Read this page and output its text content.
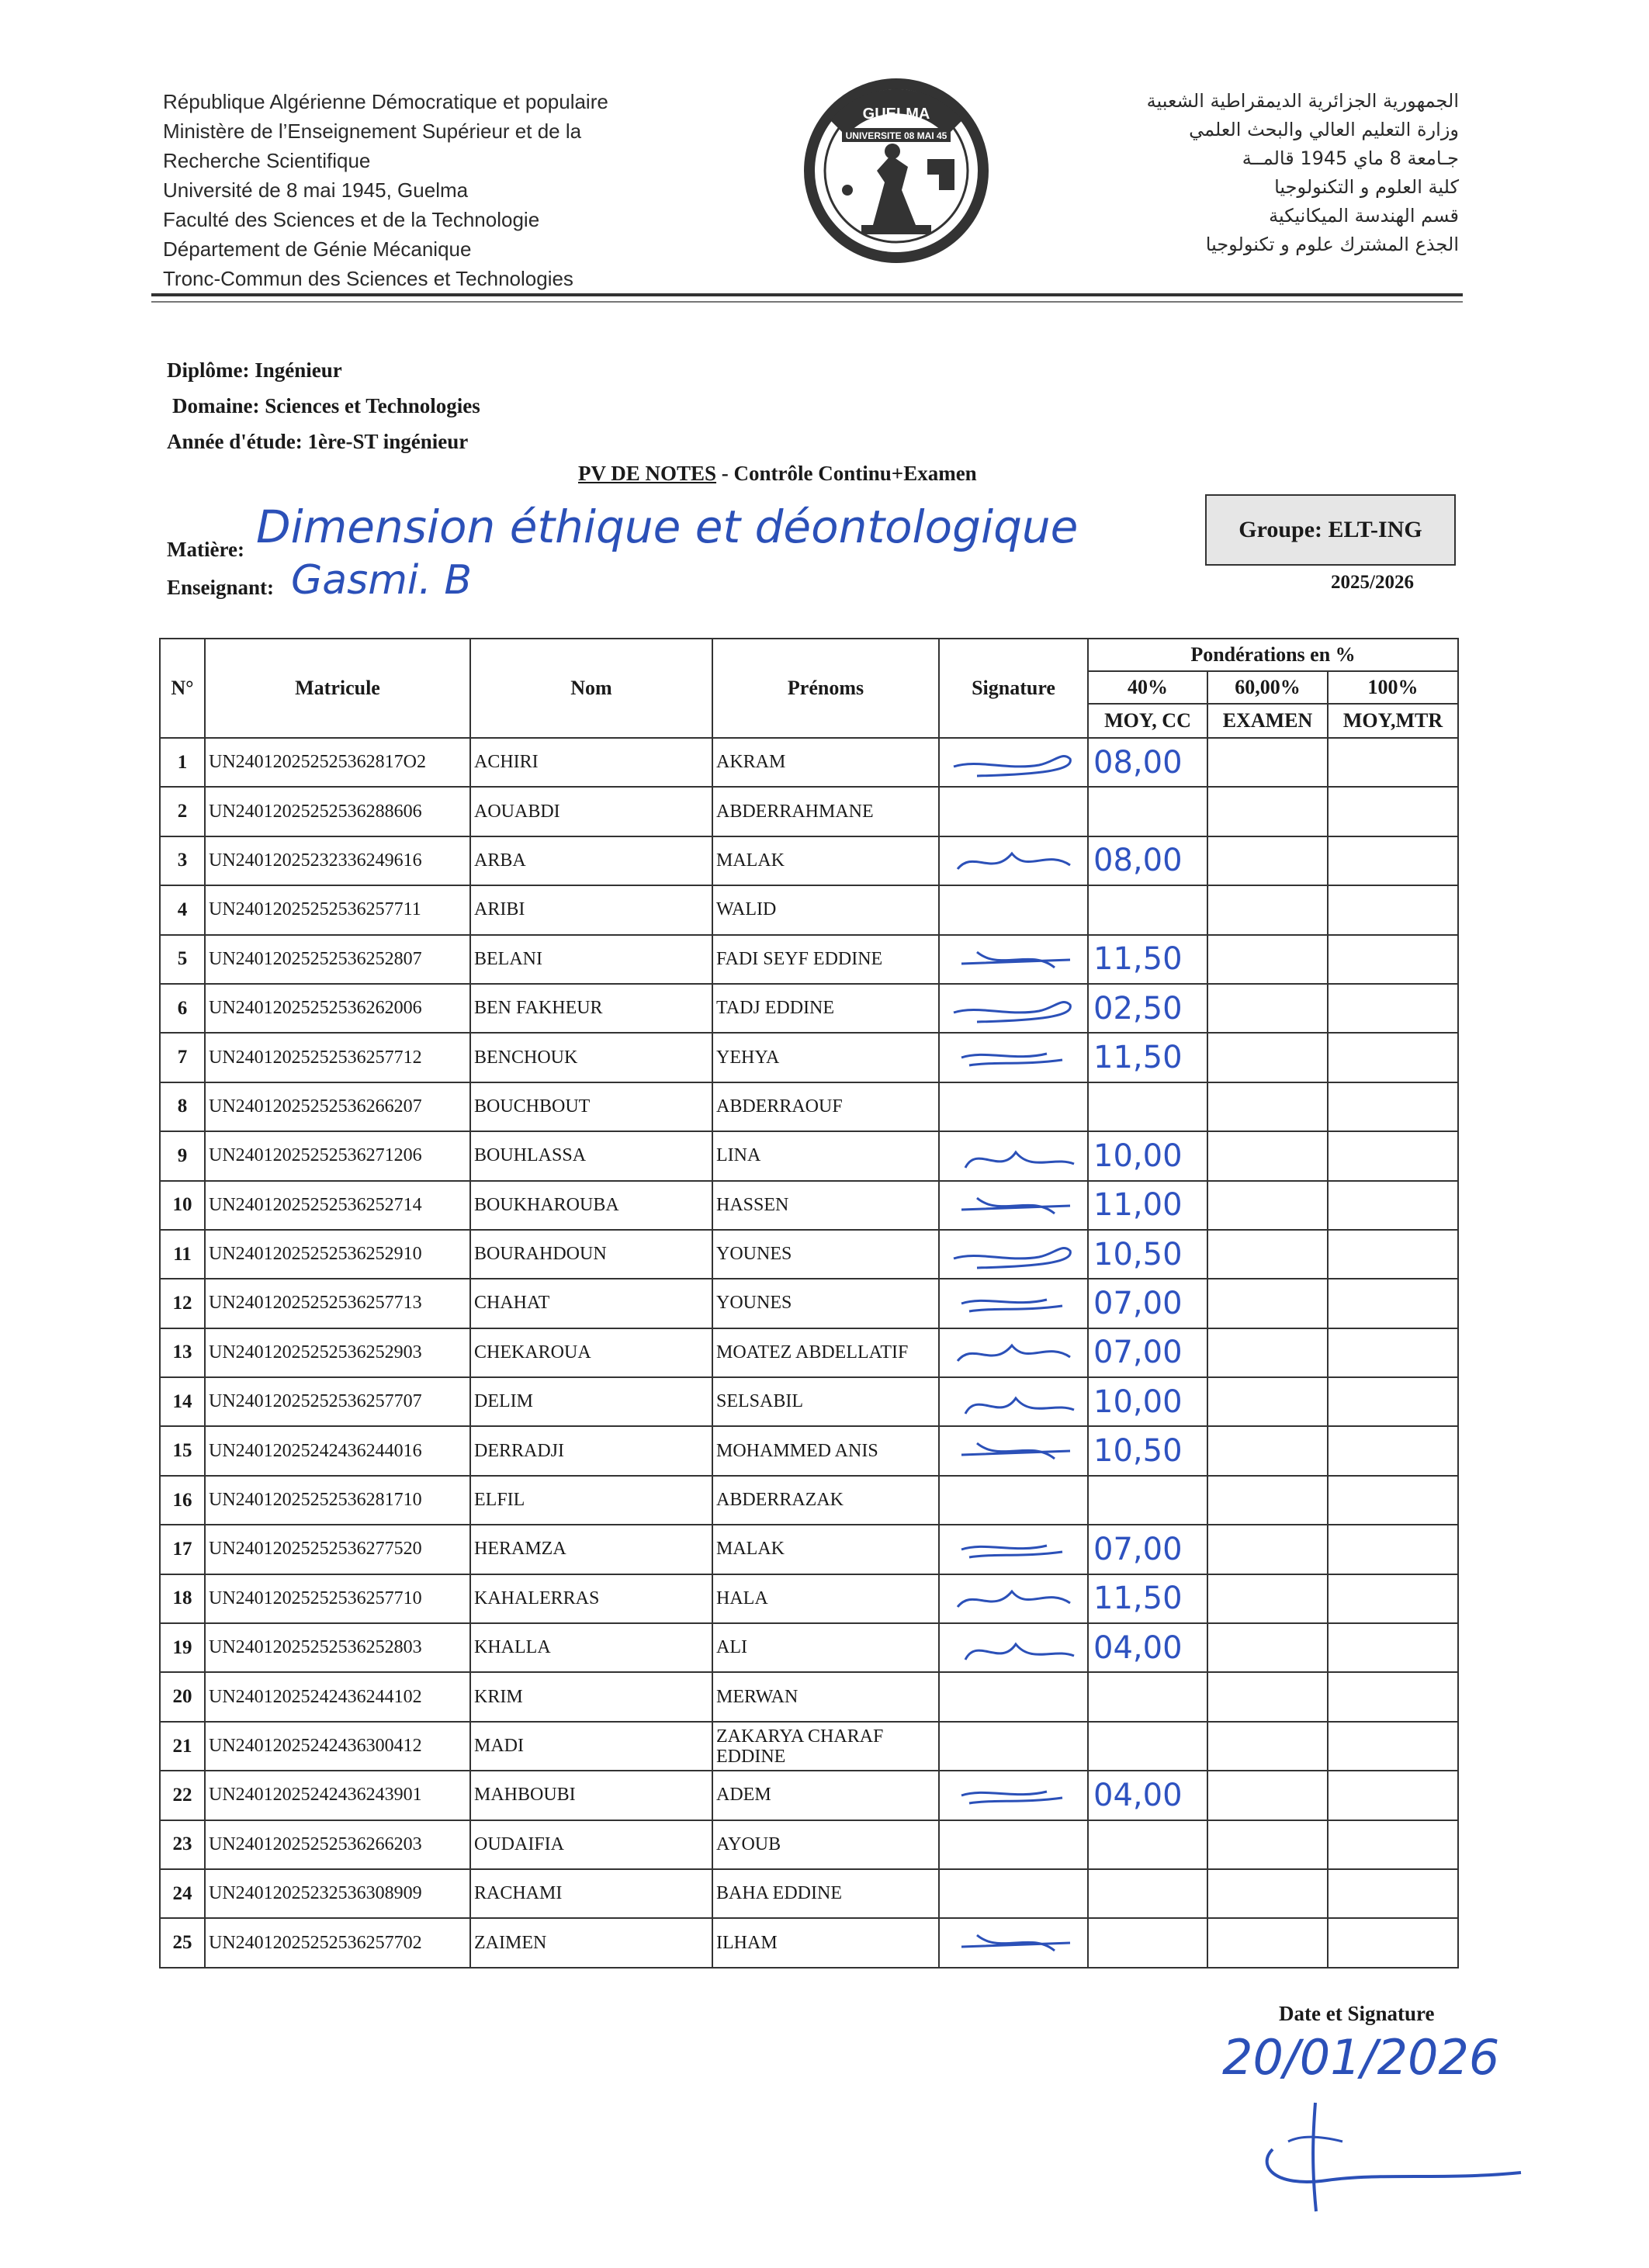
République Algérienne Démocratique et populaire
Ministère de l’Enseignement Supérieur et de la
Recherche Scientifique
Université de 8 mai 1945, Guelma
Faculté des Sciences et de la Technologie
Département de Génie Mécanique
Tronc-Commun des Sciences et Technologies
GUELMA
UNIVERSITE 08 MAI 45
الجمهورية الجزائرية الديمقراطية الشعبية
وزارة التعليم العالي والبحث العلمي
جـامعة 8 ماي 1945 قالمــة
كلية العلوم و التكنولوجيا
قسم الهندسة الميكانيكية
الجذع المشترك علوم و تكنولوجيا
Diplôme: Ingénieur
Domaine: Sciences et Technologies
Année d'étude: 1ère-ST ingénieur
PV DE NOTES - Contrôle Continu+Examen
Matière: Dimension éthique et déontologique
Enseignant: Gasmi. B
Groupe: ELT-ING
2025/2026
N°	Matricule	Nom	Prénoms	Signature	Pondérations en %		
					40%	60,00%	100%
					MOY, CC	EXAMEN	MOY,MTR
1	UN240120252525362817O2	ACHIRI	AKRAM		08,00		
2	UN24012025252536288606	AOUABDI	ABDERRAHMANE				
3	UN24012025232336249616	ARBA	MALAK		08,00		
4	UN24012025252536257711	ARIBI	WALID				
5	UN24012025252536252807	BELANI	FADI SEYF EDDINE		11,50		
6	UN24012025252536262006	BEN FAKHEUR	TADJ EDDINE		02,50		
7	UN24012025252536257712	BENCHOUK	YEHYA		11,50		
8	UN24012025252536266207	BOUCHBOUT	ABDERRAOUF				
9	UN24012025252536271206	BOUHLASSA	LINA		10,00		
10	UN24012025252536252714	BOUKHAROUBA	HASSEN		11,00		
11	UN24012025252536252910	BOURAHDOUN	YOUNES		10,50		
12	UN24012025252536257713	CHAHAT	YOUNES		07,00		
13	UN24012025252536252903	CHEKAROUA	MOATEZ ABDELLATIF		07,00		
14	UN24012025252536257707	DELIM	SELSABIL		10,00		
15	UN24012025242436244016	DERRADJI	MOHAMMED ANIS		10,50		
16	UN24012025252536281710	ELFIL	ABDERRAZAK				
17	UN24012025252536277520	HERAMZA	MALAK		07,00		
18	UN24012025252536257710	KAHALERRAS	HALA		11,50		
19	UN24012025252536252803	KHALLA	ALI		04,00		
20	UN24012025242436244102	KRIM	MERWAN				
21	UN24012025242436300412	MADI	ZAKARYA CHARAF EDDINE				
22	UN24012025242436243901	MAHBOUBI	ADEM		04,00		
23	UN24012025252536266203	OUDAIFIA	AYOUB				
24	UN24012025232536308909	RACHAMI	BAHA EDDINE				
25	UN24012025252536257702	ZAIMEN	ILHAM	

Date et Signature
20/01/2026
